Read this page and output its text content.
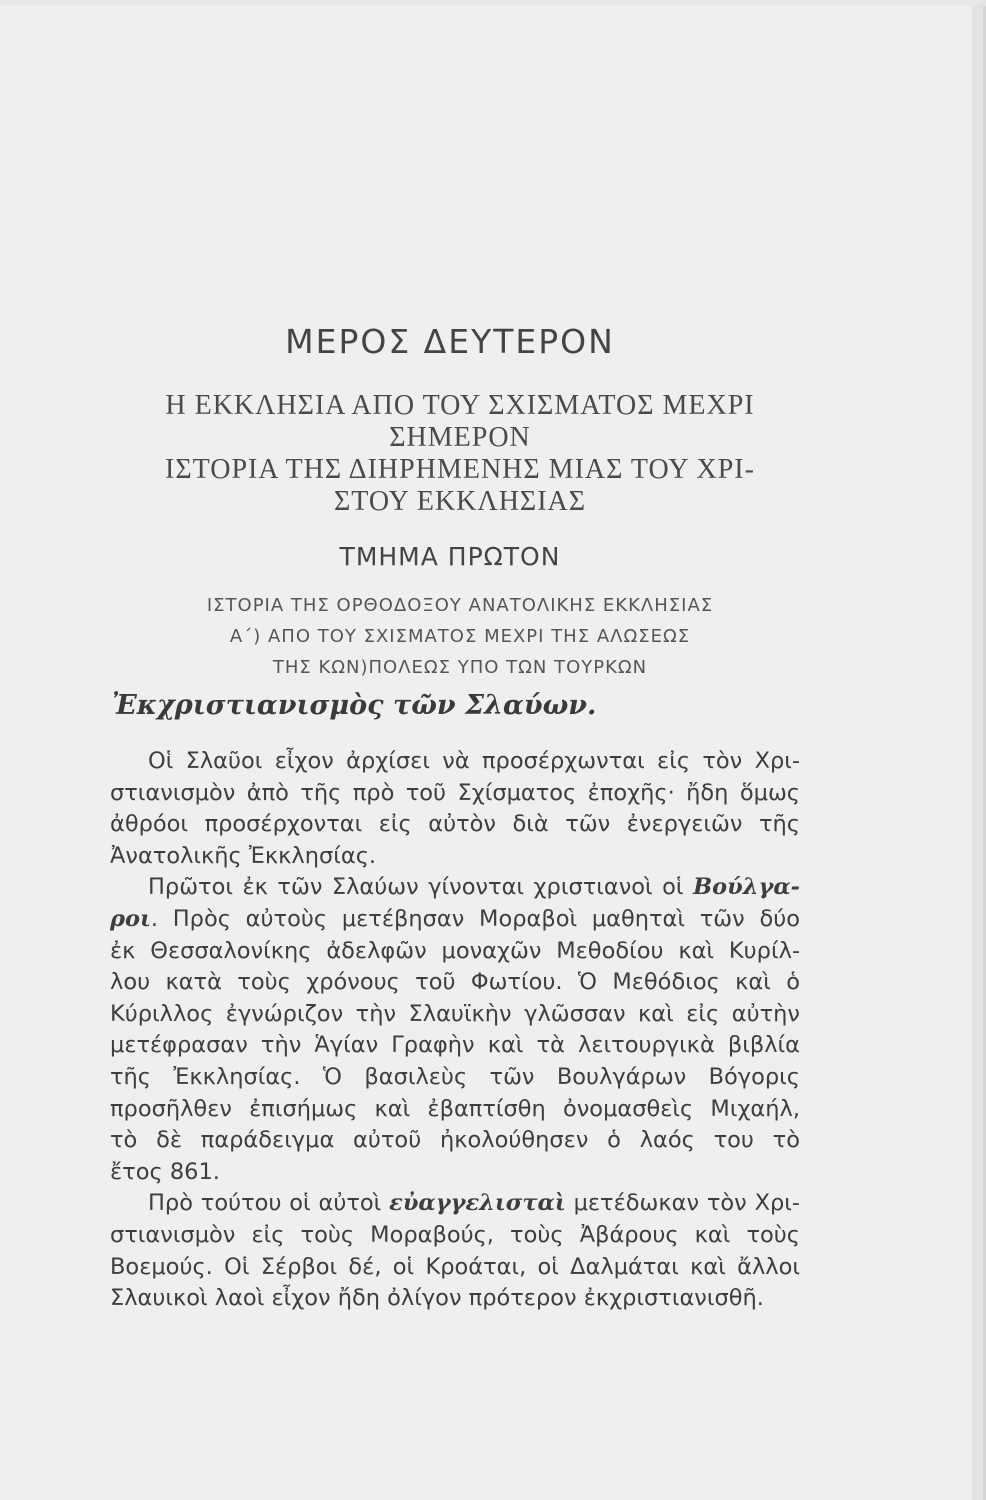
ΜΕΡΟΣ ΔΕΥΤΕΡΟΝ
Η ΕΚΚΛΗΣΙΑ ΑΠΟ ΤΟΥ ΣΧΙΣΜΑΤΟΣ ΜΕΧΡΙ
ΣΗΜΕΡΟΝ
ΙΣΤΟΡΙΑ ΤΗΣ ΔΙΗΡΗΜΕΝΗΣ ΜΙΑΣ ΤΟΥ ΧΡΙ-
ΣΤΟΥ ΕΚΚΛΗΣΙΑΣ
ΤΜΗΜΑ ΠΡΩΤΟΝ
ΙΣΤΟΡΙΑ ΤΗΣ ΟΡΘΟΔΟΞΟΥ ΑΝΑΤΟΛΙΚΗΣ ΕΚΚΛΗΣΙΑΣ
Α΄) ΑΠΟ ΤΟΥ ΣΧΙΣΜΑΤΟΣ ΜΕΧΡΙ ΤΗΣ ΑΛΩΣΕΩΣ
ΤΗΣ ΚΩΝ)ΠΟΛΕΩΣ ΥΠΟ ΤΩΝ ΤΟΥΡΚΩΝ
Ἐκχριστιανισμὸς τῶν Σλαύων.
Οἱ Σλαῦοι εἶχον ἀρχίσει νὰ προσέρχωνται εἰς τὸν Χρι-
στιανισμὸν ἀπὸ τῆς πρὸ τοῦ Σχίσματος ἐποχῆς· ἤδη ὅμως
ἀθρόοι προσέρχονται εἰς αὐτὸν διὰ τῶν ἐνεργειῶν τῆς
Ἀνατολικῆς Ἐκκλησίας.
Πρῶτοι ἐκ τῶν Σλαύων γίνονται χριστιανοὶ οἱ Βούλγα-
ροι. Πρὸς αὐτοὺς μετέβησαν Μοραβοὶ μαθηταὶ τῶν δύο
ἐκ Θεσσαλονίκης ἀδελφῶν μοναχῶν Μεθοδίου καὶ Κυρίλ-
λου κατὰ τοὺς χρόνους τοῦ Φωτίου. Ὁ Μεθόδιος καὶ ὁ
Κύριλλος ἐγνώριζον τὴν Σλαυϊκὴν γλῶσσαν καὶ εἰς αὐτὴν
μετέφρασαν τὴν Ἁγίαν Γραφὴν καὶ τὰ λειτουργικὰ βιβλία
τῆς Ἐκκλησίας. Ὁ βασιλεὺς τῶν Βουλγάρων Βόγορις
προσῆλθεν ἐπισήμως καὶ ἐβαπτίσθη ὀνομασθεὶς Μιχαήλ,
τὸ δὲ παράδειγμα αὐτοῦ ἠκολούθησεν ὁ λαός του τὸ
ἔτος 861.
Πρὸ τούτου οἱ αὐτοὶ εὐαγγελισταὶ μετέδωκαν τὸν Χρι-
στιανισμὸν εἰς τοὺς Μοραβούς, τοὺς Ἀβάρους καὶ τοὺς
Βοεμούς. Οἱ Σέρβοι δέ, οἱ Κροάται, οἱ Δαλμάται καὶ ἄλλοι
Σλαυικοὶ λαοὶ εἶχον ἤδη ὀλίγον πρότερον ἐκχριστιανισθῆ.
